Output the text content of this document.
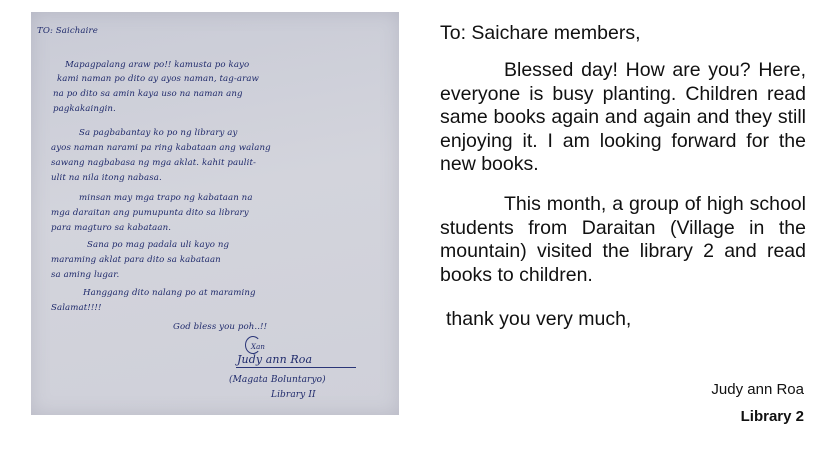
TO: Saichaire
Mapagpalang araw po!! kamusta po kayo
kami naman po dito ay ayos naman, tag-araw
na po dito sa amin kaya uso na naman ang
pagkakaingin.
Sa pagbabantay ko po ng library ay
ayos naman narami pa ring kabataan ang walang
sawang nagbabasa ng mga aklat. kahit paulit-
ulit na nila itong nabasa.
minsan may mga trapo ng kabataan na
mga daraitan ang pumupunta dito sa library
para magturo sa kabataan.
Sana po mag padala uli kayo ng
maraming aklat para dito sa kabataan
sa aming lugar.
Hanggang dito nalang po at maraming
Salamat!!!!
God bless you poh..!!
Xan
Judy ann Roa
(Magata Boluntaryo)
Library II

To: Saichare members,

Blessed day! How are you? Here, everyone is busy planting. Children read same books again and again and they still enjoying it. I am looking forward for the new books.

This month, a group of high school students from Daraitan (Village in the mountain) visited the library 2 and read books to children.

thank you very much,

Judy ann Roa
Library 2
